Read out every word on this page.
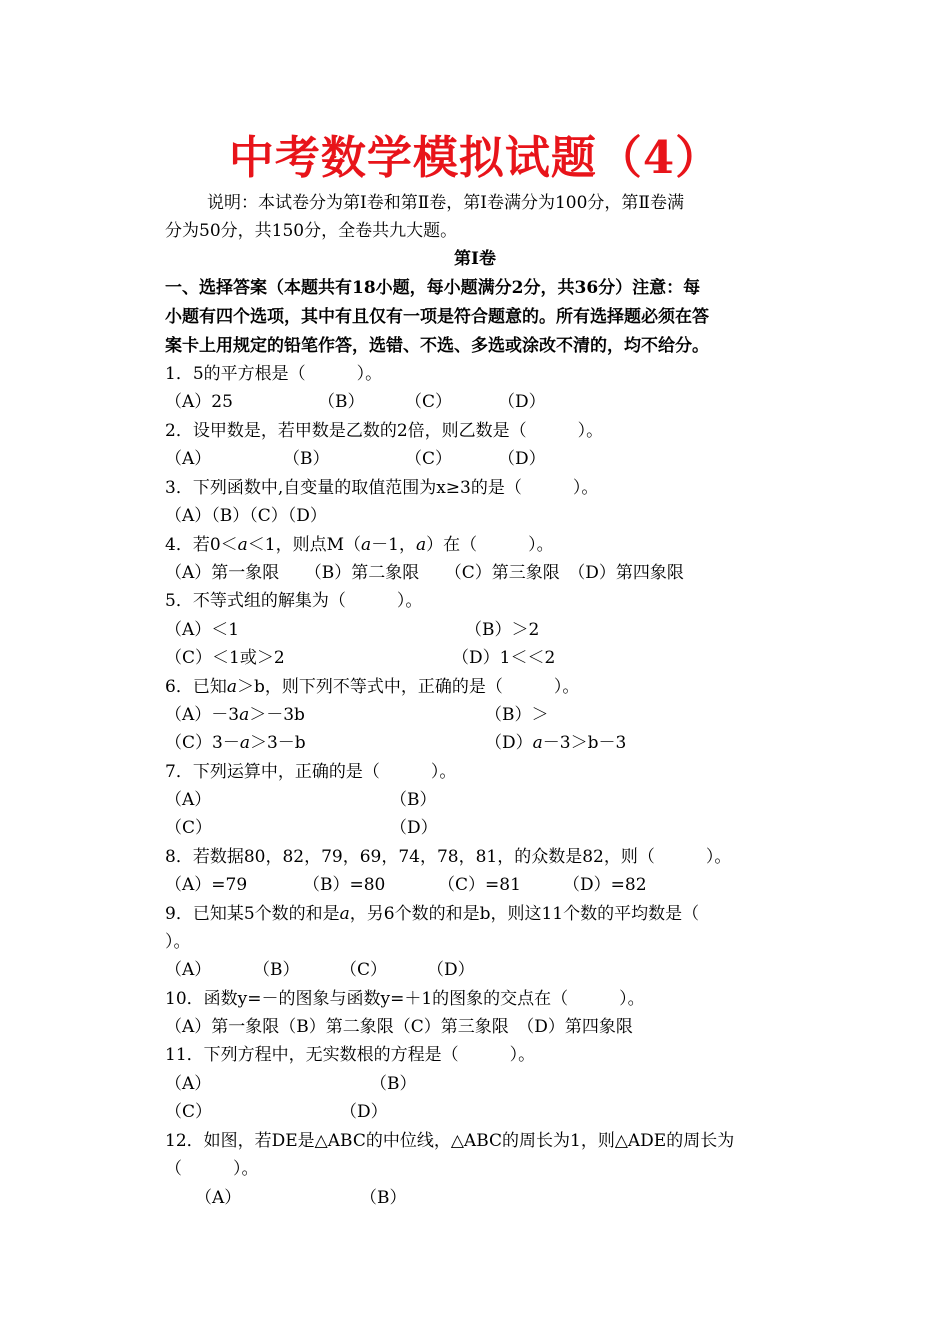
中考数学模拟试题（4）
说明：本试卷分为第Ⅰ卷和第Ⅱ卷，第Ⅰ卷满分为100分，第Ⅱ卷满
分为50分，共150分，全卷共九大题。
第Ⅰ卷
一、选择答案（本题共有18小题，每小题满分2分，共36分）注意：每
小题有四个选项，其中有且仅有一项是符合题意的。所有选择题必须在答
案卡上用规定的铅笔作答，选错、不选、多选或涂改不清的，均不给分。
1．5的平方根是（　　　）。
（A）25	（B） （C）	（D）
2．设甲数是，若甲数是乙数的2倍，则乙数是（　　　）。
（A）	（B）	（C）	（D）
3．下列函数中,自变量的取值范围为x≥3的是（　　　）。
（A）（B）（C）（D）
4．若0＜a＜1，则点M（a－1，a）在（　　　）。
（A）第一象限　　（B）第二象限　　（C）第三象限　（D）第四象限
5．不等式组的解集为（　　　）。
（A）＜1	（B）＞2
（C）＜1或＞2	（D）1＜＜2
6．已知a＞b，则下列不等式中，正确的是（　　　）。
（A）－3a＞－3b	（B）＞
（C）3－a＞3－b	（D）a－3＞b－3
7．下列运算中，正确的是（　　　）。
（A）	（B）
（C）	（D）
8．若数据80，82，79，69，74，78，81，的众数是82，则（　　　）。
（A）=79	（B）=80	（C）=81 （D）=82
9．已知某5个数的和是a，另6个数的和是b，则这11个数的平均数是（
）。
（A） （B） （C） （D）
10．函数y=－的图象与函数y=＋1的图象的交点在（　　　）。
（A）第一象限（B）第二象限（C）第三象限　（D）第四象限
11．下列方程中，无实数根的方程是（　　　）。
（A）	（B）
（C）	（D）
12．如图，若DE是△ABC的中位线，△ABC的周长为1，则△ADE的周长为
（　　　）。
（A）	（B）
